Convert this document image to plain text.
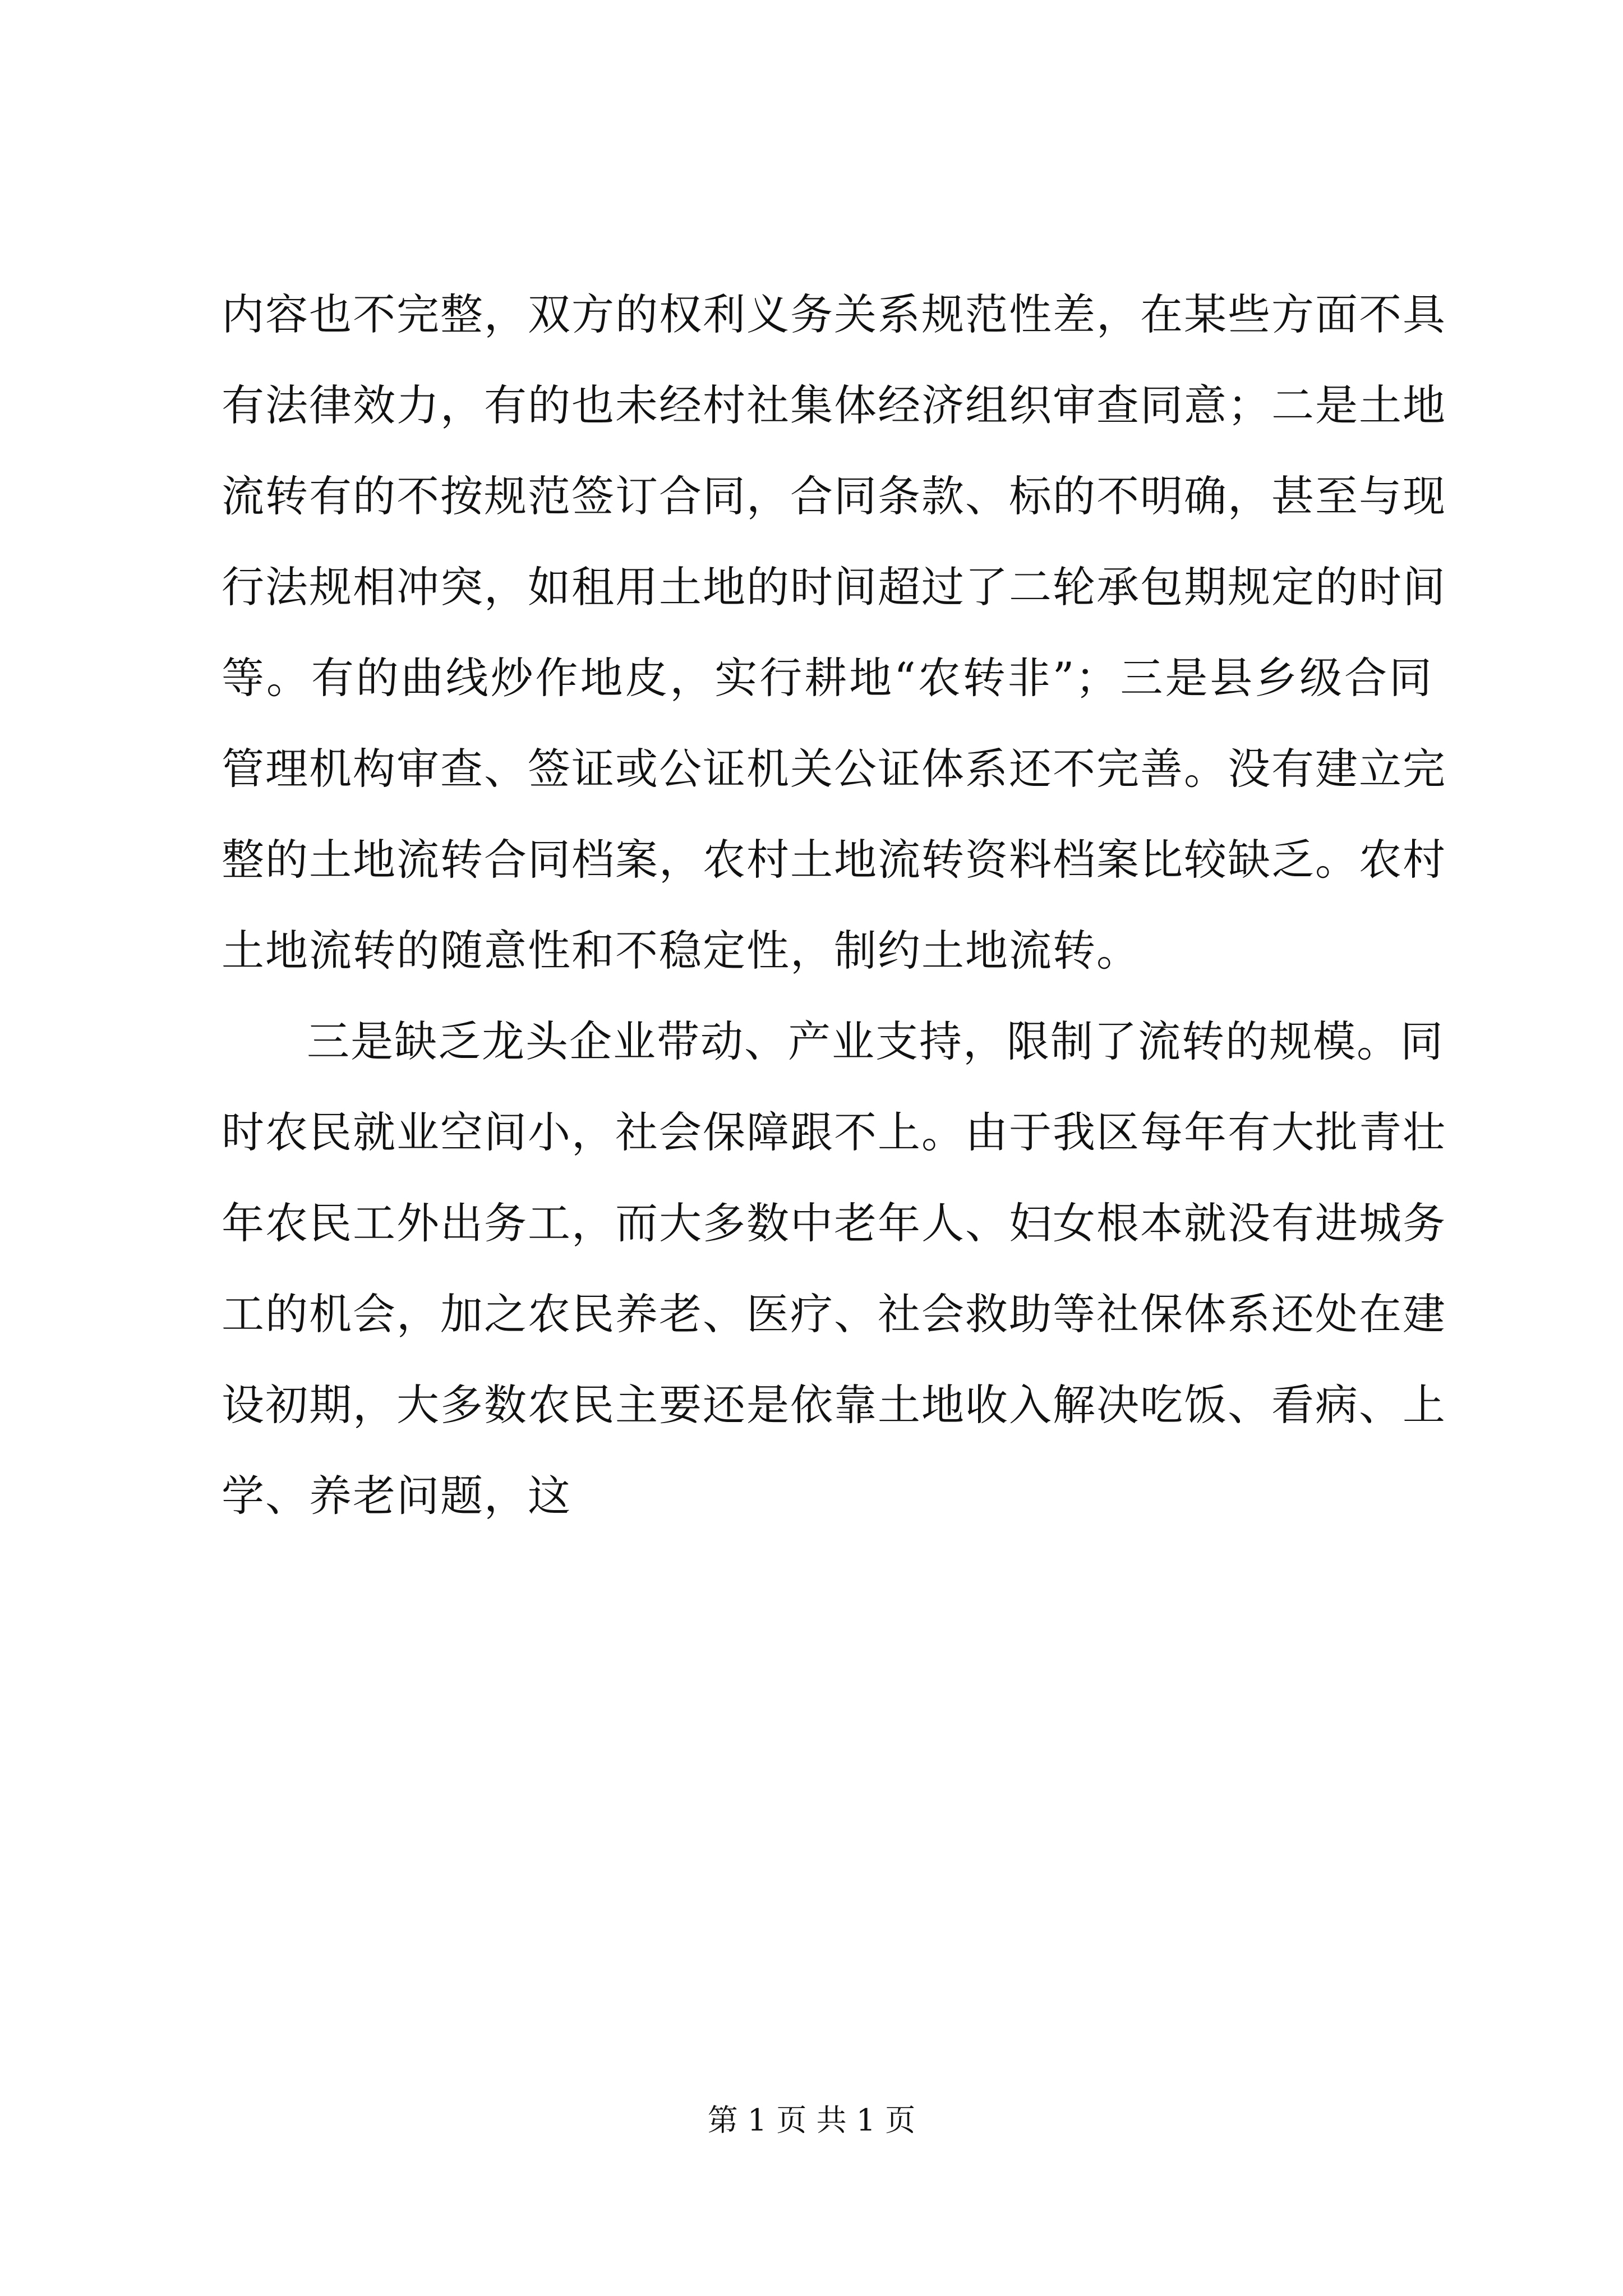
内容也不完整，双方的权利义务关系规范性差，在某些方面不具
有法律效力，有的也未经村社集体经济组织审查同意；二是土地
流转有的不按规范签订合同，合同条款、标的不明确，甚至与现
行法规相冲突，如租用土地的时间超过了二轮承包期规定的时间
等。有的曲线炒作地皮，实行耕地“农转非”；三是县乡级合同
管理机构审查、签证或公证机关公证体系还不完善。没有建立完
整的土地流转合同档案，农村土地流转资料档案比较缺乏。农村
土地流转的随意性和不稳定性，制约土地流转。
三是缺乏龙头企业带动、产业支持，限制了流转的规模。同
时农民就业空间小，社会保障跟不上。由于我区每年有大批青壮
年农民工外出务工，而大多数中老年人、妇女根本就没有进城务
工的机会，加之农民养老、医疗、社会救助等社保体系还处在建
设初期，大多数农民主要还是依靠土地收入解决吃饭、看病、上
学、养老问题，这
第 1 页 共 1 页
